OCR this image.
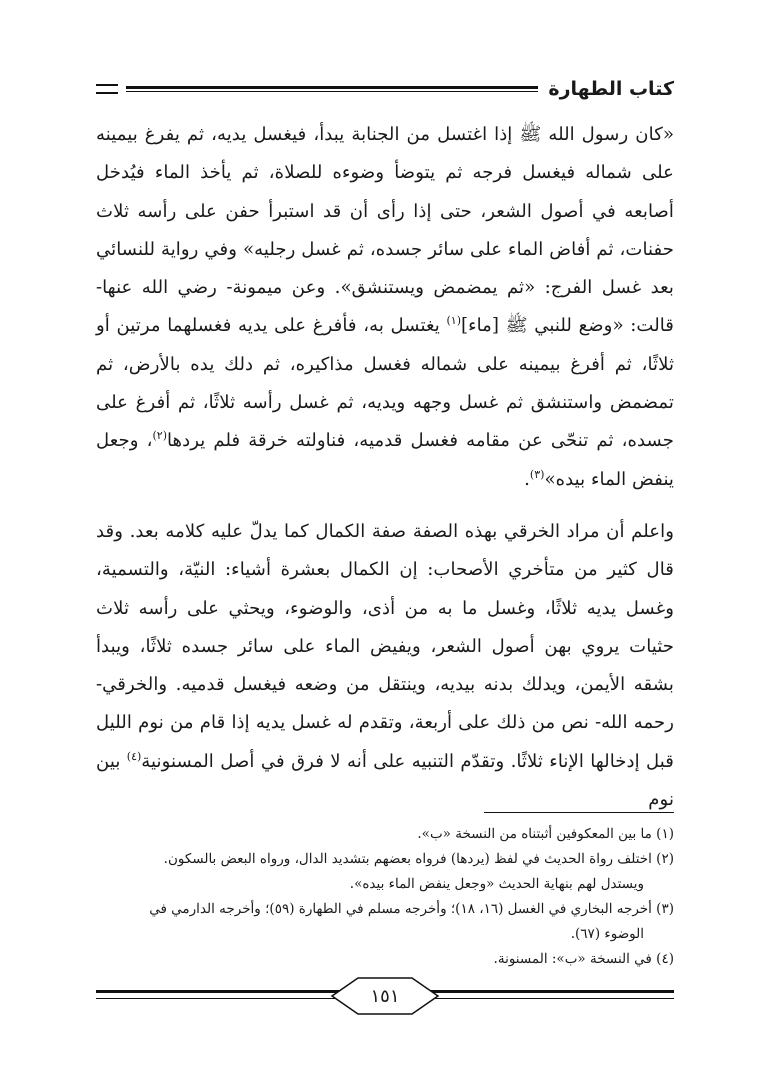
كتاب الطهارة

«كان رسول الله ﷺ إذا اغتسل من الجنابة يبدأ، فيغسل يديه، ثم يفرغ بيمينه على شماله فيغسل فرجه ثم يتوضأ وضوءه للصلاة، ثم يأخذ الماء فيُدخل أصابعه في أصول الشعر، حتى إذا رأى أن قد استبرأ حفن على رأسه ثلاث حفنات، ثم أفاض الماء على سائر جسده، ثم غسل رجليه» وفي رواية للنسائي بعد غسل الفرج: «ثم يمضمض ويستنشق». وعن ميمونة- رضي الله عنها- قالت: «وضع للنبي ﷺ [ماء]$^{(١)}$ يغتسل به، فأفرغ على يديه فغسلهما مرتين أو ثلاثًا، ثم أفرغ بيمينه على شماله فغسل مذاكيره، ثم دلك يده بالأرض، ثم تمضمض واستنشق ثم غسل وجهه ويديه، ثم غسل رأسه ثلاثًا، ثم أفرغ على جسده، ثم تنحّى عن مقامه فغسل قدميه، فناولته خرقة فلم يردها$^{(٢)}$، وجعل ينفض الماء بيده»$^{(٣)}$.

واعلم أن مراد الخرقي بهذه الصفة صفة الكمال كما يدلّ عليه كلامه بعد. وقد قال كثير من متأخري الأصحاب: إن الكمال بعشرة أشياء: النيّة، والتسمية، وغسل يديه ثلاثًا، وغسل ما به من أذى، والوضوء، ويحثي على رأسه ثلاث حثيات يروي بهن أصول الشعر، ويفيض الماء على سائر جسده ثلاثًا، ويبدأ بشقه الأيمن، ويدلك بدنه بيديه، وينتقل من وضعه فيغسل قدميه. والخرقي- رحمه الله- نص من ذلك على أربعة، وتقدم له غسل يديه إذا قام من نوم الليل قبل إدخالها الإناء ثلاثًا. وتقدّم التنبيه على أنه لا فرق في أصل المسنونية$^{(٤)}$ بين نوم

(١) ما بين المعكوفين أثبتناه من النسخة «ب».

(٢) اختلف رواة الحديث في لفظ (يردها) فرواه بعضهم بتشديد الدال، ورواه البعض بالسكون.

ويستدل لهم بنهاية الحديث «وجعل ينفض الماء بيده».

(٣) أخرجه البخاري في الغسل (١٦، ١٨)؛ وأخرجه مسلم في الطهارة (٥٩)؛ وأخرجه الدارمي في

الوضوء (٦٧).

(٤) في النسخة «ب»: المسنونة.

١٥١
